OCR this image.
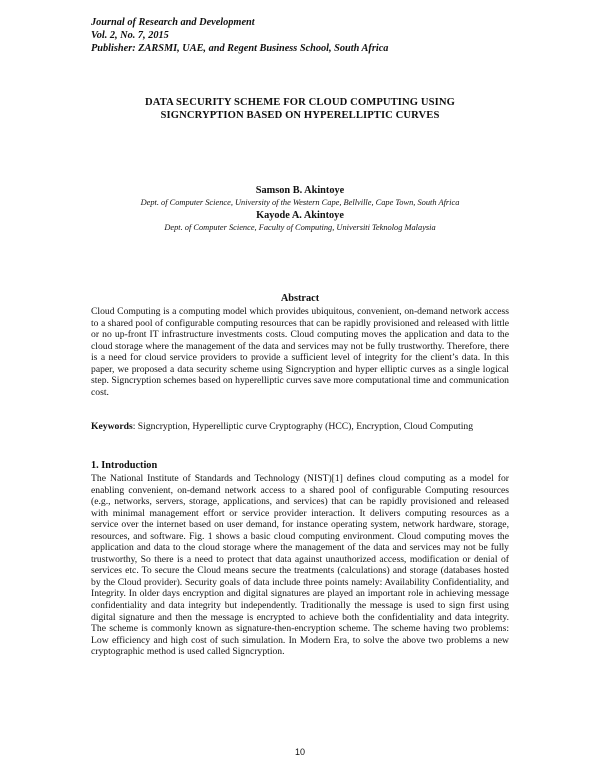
Journal of Research and Development
Vol. 2, No. 7, 2015
Publisher: ZARSMI, UAE, and Regent Business School, South Africa
DATA SECURITY SCHEME FOR CLOUD COMPUTING USING
SIGNCRYPTION BASED ON HYPERELLIPTIC CURVES
Samson B. Akintoye
Dept. of Computer Science, University of the Western Cape, Bellville, Cape Town, South Africa
Kayode A. Akintoye
Dept. of Computer Science, Faculty of Computing, Universiti Teknolog Malaysia
Abstract
Cloud Computing is a computing model which provides ubiquitous, convenient, on-demand network access to a shared pool of configurable computing resources that can be rapidly provisioned and released with little or no up-front IT infrastructure investments costs. Cloud computing moves the application and data to the cloud storage where the management of the data and services may not be fully trustworthy. Therefore, there is a need for cloud service providers to provide a sufficient level of integrity for the client’s data. In this paper, we proposed a data security scheme using Signcryption and hyper elliptic curves as a single logical step. Signcryption schemes based on hyperelliptic curves save more computational time and communication cost.
Keywords: Signcryption, Hyperelliptic curve Cryptography (HCC), Encryption, Cloud Computing
1. Introduction
The National Institute of Standards and Technology (NIST)[1] defines cloud computing as a model for enabling convenient, on-demand network access to a shared pool of configurable Computing resources (e.g., networks, servers, storage, applications, and services) that can be rapidly provisioned and released with minimal management effort or service provider interaction. It delivers computing resources as a service over the internet based on user demand, for instance operating system, network hardware, storage, resources, and software. Fig. 1 shows a basic cloud computing environment. Cloud computing moves the application and data to the cloud storage where the management of the data and services may not be fully trustworthy, So there is a need to protect that data against unauthorized access, modification or denial of services etc. To secure the Cloud means secure the treatments (calculations) and storage (databases hosted by the Cloud provider). Security goals of data include three points namely: Availability Confidentiality, and Integrity. In older days encryption and digital signatures are played an important role in achieving message confidentiality and data integrity but independently. Traditionally the message is used to sign first using digital signature and then the message is encrypted to achieve both the confidentiality and data integrity. The scheme is commonly known as signature-then-encryption scheme. The scheme having two problems: Low efficiency and high cost of such simulation. In Modern Era, to solve the above two problems a new cryptographic method is used called Signcryption.
10
